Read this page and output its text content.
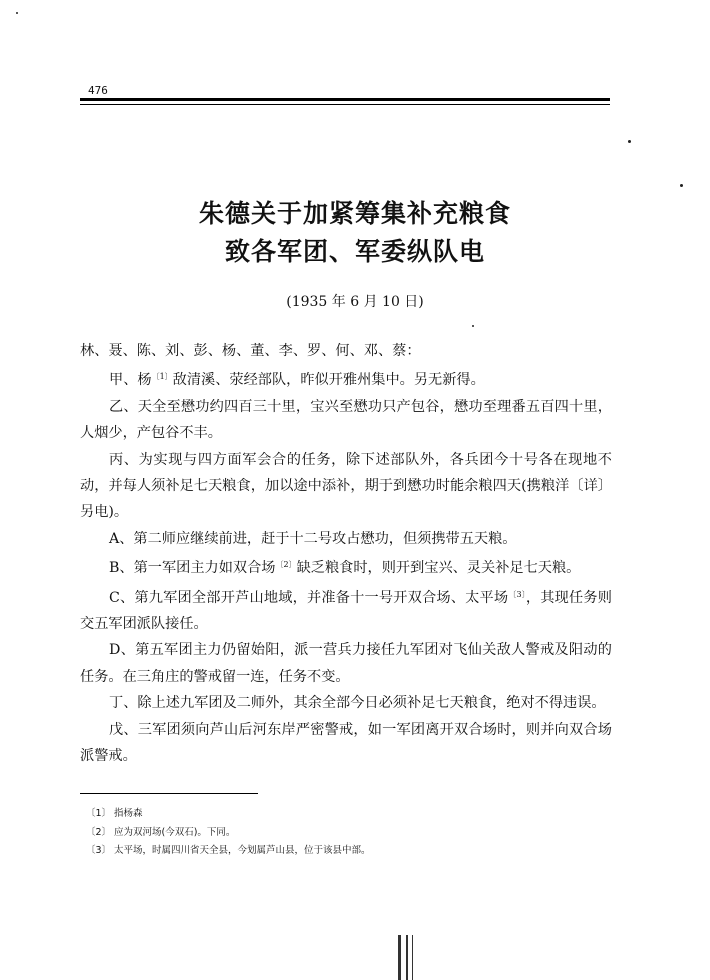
476
朱德关于加紧筹集补充粮食
致各军团、军委纵队电
(1935 年 6 月 10 日)

林、聂、陈、刘、彭、杨、董、李、罗、何、邓、蔡：

甲、杨$^{〔1〕}$敌清溪、荥经部队，昨似开雅州集中。另无新得。

乙、天全至懋功约四百三十里，宝兴至懋功只产包谷，懋功至理番五百四十里，人烟少，产包谷不丰。

丙、为实现与四方面军会合的任务，除下述部队外，各兵团今十号各在现地不动，并每人须补足七天粮食，加以途中添补，期于到懋功时能余粮四天(携粮洋〔详〕另电)。

A、第二师应继续前进，赶于十二号攻占懋功，但须携带五天粮。

B、第一军团主力如双合场$^{〔2〕}$缺乏粮食时，则开到宝兴、灵关补足七天粮。

C、第九军团全部开芦山地域，并准备十一号开双合场、太平场$^{〔3〕}$，其现任务则交五军团派队接任。

D、第五军团主力仍留始阳，派一营兵力接任九军团对飞仙关敌人警戒及阳动的任务。在三角庄的警戒留一连，任务不变。

丁、除上述九军团及二师外，其余全部今日必须补足七天粮食，绝对不得违误。

戊、三军团须向芦山后河东岸严密警戒，如一军团离开双合场时，则并向双合场派警戒。

〔1〕 指杨森
〔2〕 应为双河场(今双石)。下同。
〔3〕 太平场，时属四川省天全县，今划属芦山县，位于该县中部。
